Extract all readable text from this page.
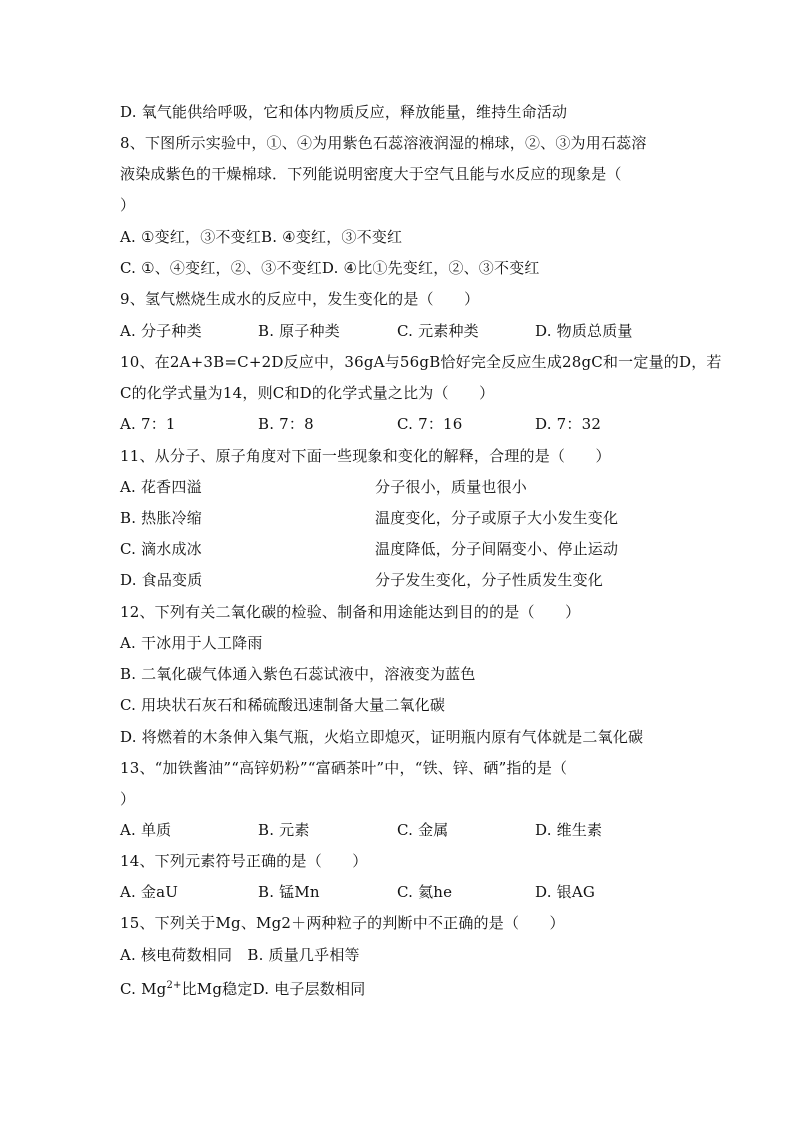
D. 氧气能供给呼吸，它和体内物质反应，释放能量，维持生命活动
8、下图所示实验中，①、④为用紫色石蕊溶液润湿的棉球，②、③为用石蕊溶
液染成紫色的干燥棉球．下列能说明密度大于空气且能与水反应的现象是（
）
A. ①变红，③不变红B. ④变红，③不变红
C. ①、④变红，②、③不变红D. ④比①先变红，②、③不变红
9、氢气燃烧生成水的反应中，发生变化的是（　　）
A. 分子种类	B. 原子种类	C. 元素种类	D. 物质总质量
10、在2A+3B=C+2D反应中，36gA与56gB恰好完全反应生成28gC和一定量的D，若
C的化学式量为14，则C和D的化学式量之比为（　　）
A. 7：1	B. 7：8	C. 7：16	D. 7：32
11、从分子、原子角度对下面一些现象和变化的解释，合理的是（　　）
A. 花香四溢	分子很小，质量也很小
B. 热胀冷缩	温度变化，分子或原子大小发生变化
C. 滴水成冰	温度降低，分子间隔变小、停止运动
D. 食品变质	分子发生变化，分子性质发生变化
12、下列有关二氧化碳的检验、制备和用途能达到目的的是（　　）
A. 干冰用于人工降雨
B. 二氧化碳气体通入紫色石蕊试液中，溶液变为蓝色
C. 用块状石灰石和稀硫酸迅速制备大量二氧化碳
D. 将燃着的木条伸入集气瓶，火焰立即熄灭，证明瓶内原有气体就是二氧化碳
13、“加铁酱油”“高锌奶粉”“富硒茶叶”中，“铁、锌、硒”指的是（
）
A. 单质	B. 元素	C. 金属	D. 维生素
14、下列元素符号正确的是（　　）
A. 金aU	B. 锰Mn	C. 氦he	D. 银AG
15、下列关于Mg、Mg2＋两种粒子的判断中不正确的是（　　）
A. 核电荷数相同　B. 质量几乎相等
C. $Mg^{2+}$比Mg稳定D. 电子层数相同
